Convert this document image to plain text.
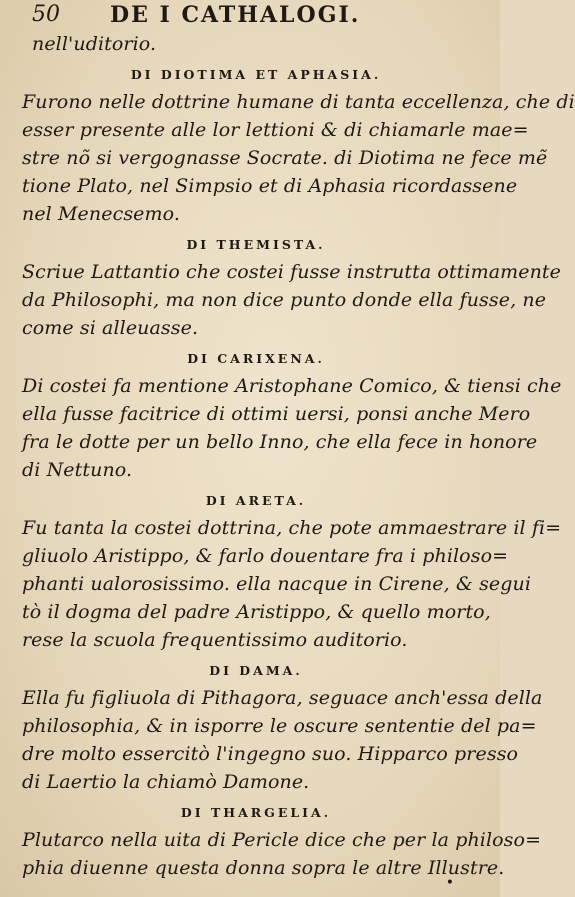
50 DE I CATHALOGI.
nell'uditorio.
DI DIOTIMA ET APHASIA.
Furono nelle dottrine humane di tanta eccellenza, che di
esser presente alle lor lettioni & di chiamarle mae=
stre nõ si vergognasse Socrate. di Diotima ne fece mẽ
tione Plato, nel Simpsio et di Aphasia ricordassene
nel Menecsemo.
DI THEMISTA.
Scriue Lattantio che costei fusse instrutta ottimamente
da Philosophi, ma non dice punto donde ella fusse, ne
come si alleuasse.
DI CARIXENA.
Di costei fa mentione Aristophane Comico, & tiensi che
ella fusse facitrice di ottimi uersi, ponsi anche Mero
fra le dotte per un bello Inno, che ella fece in honore
di Nettuno.
DI ARETA.
Fu tanta la costei dottrina, che pote ammaestrare il fi=
gliuolo Aristippo, & farlo douentare fra i philoso=
phanti ualorosissimo. ella nacque in Cirene, & segui
tò il dogma del padre Aristippo, & quello morto,
rese la scuola frequentissimo auditorio.
DI DAMA.
Ella fu figliuola di Pithagora, seguace anch'essa della
philosophia, & in isporre le oscure sententie del pa=
dre molto essercitò l'ingegno suo. Hipparco presso
di Laertio la chiamò Damone.
DI THARGELIA.
Plutarco nella uita di Pericle dice che per la philoso=
phia diuenne questa donna sopra le altre Illustre.
•
